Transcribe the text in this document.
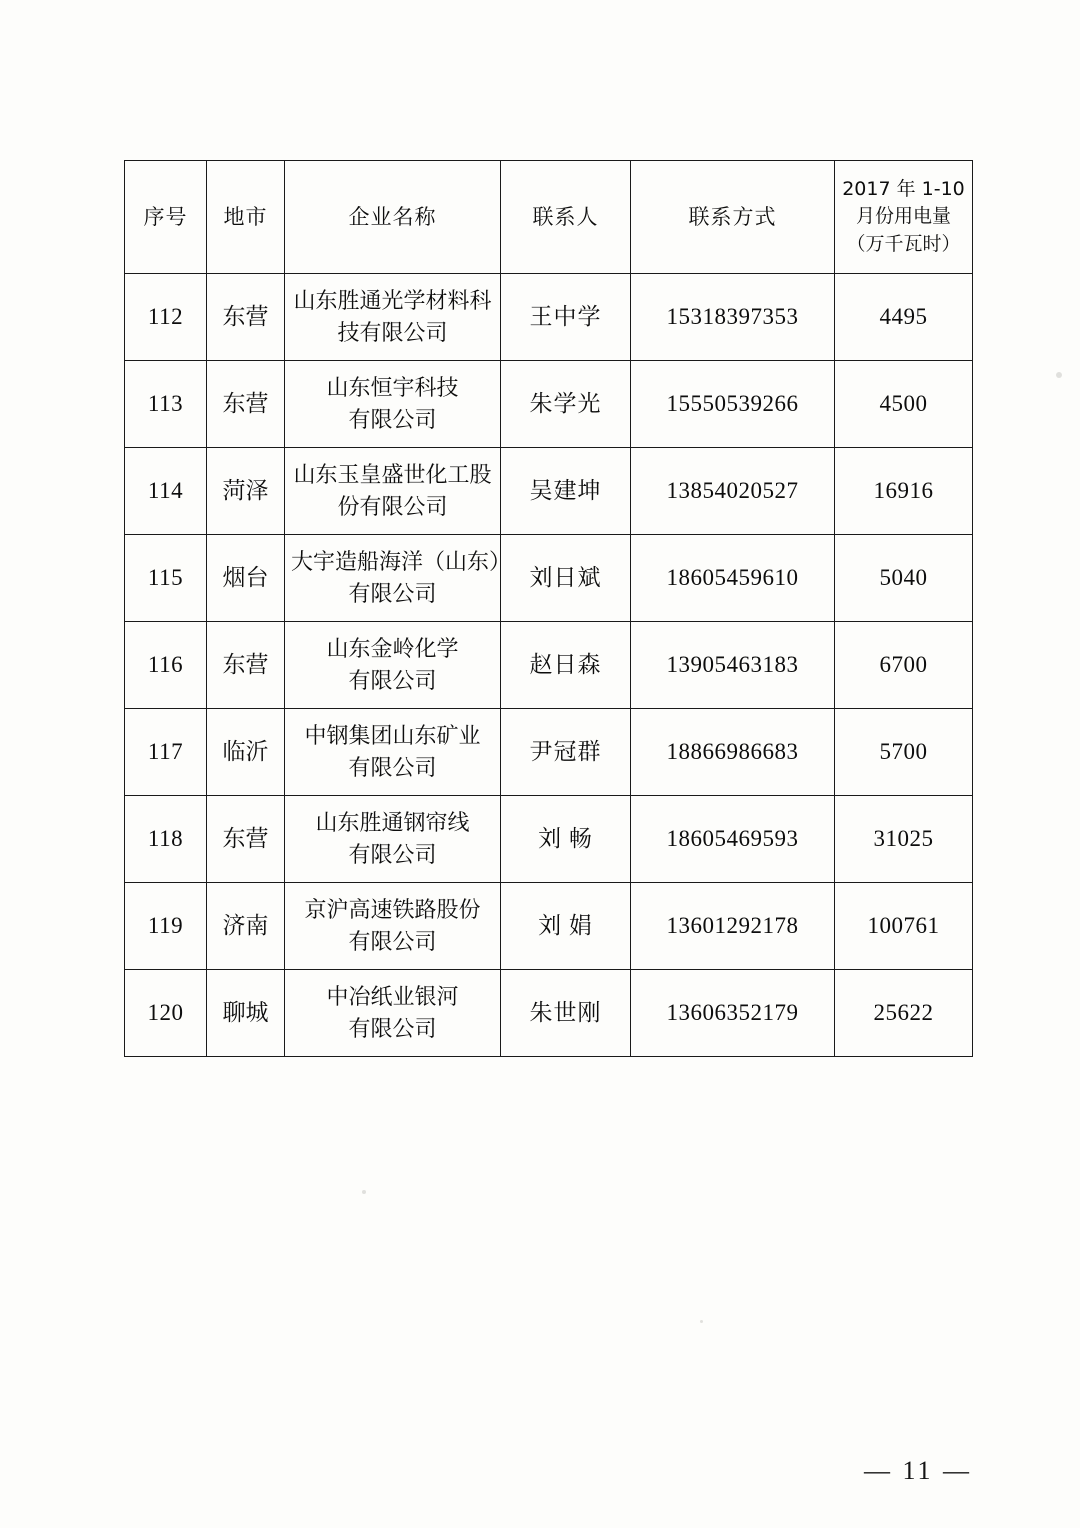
序号	地市	企业名称	联系人	联系方式	2017 年 1-10
月份用电量
（万千瓦时）

112	东营	山东胜通光学材料科
技有限公司	王中学	15318397353	4495
113	东营	山东恒宇科技
有限公司	朱学光	15550539266	4500
114	菏泽	山东玉皇盛世化工股
份有限公司	吴建坤	13854020527	16916
115	烟台	大宇造船海洋（山东）
有限公司	刘日斌	18605459610	5040
116	东营	山东金岭化学
有限公司	赵日森	13905463183	6700
117	临沂	中钢集团山东矿业
有限公司	尹冠群	18866986683	5700
118	东营	山东胜通钢帘线
有限公司	刘 畅	18605469593	31025
119	济南	京沪高速铁路股份
有限公司	刘 娟	13601292178	100761
120	聊城	中冶纸业银河
有限公司	朱世刚	13606352179	25622
— 11 —
